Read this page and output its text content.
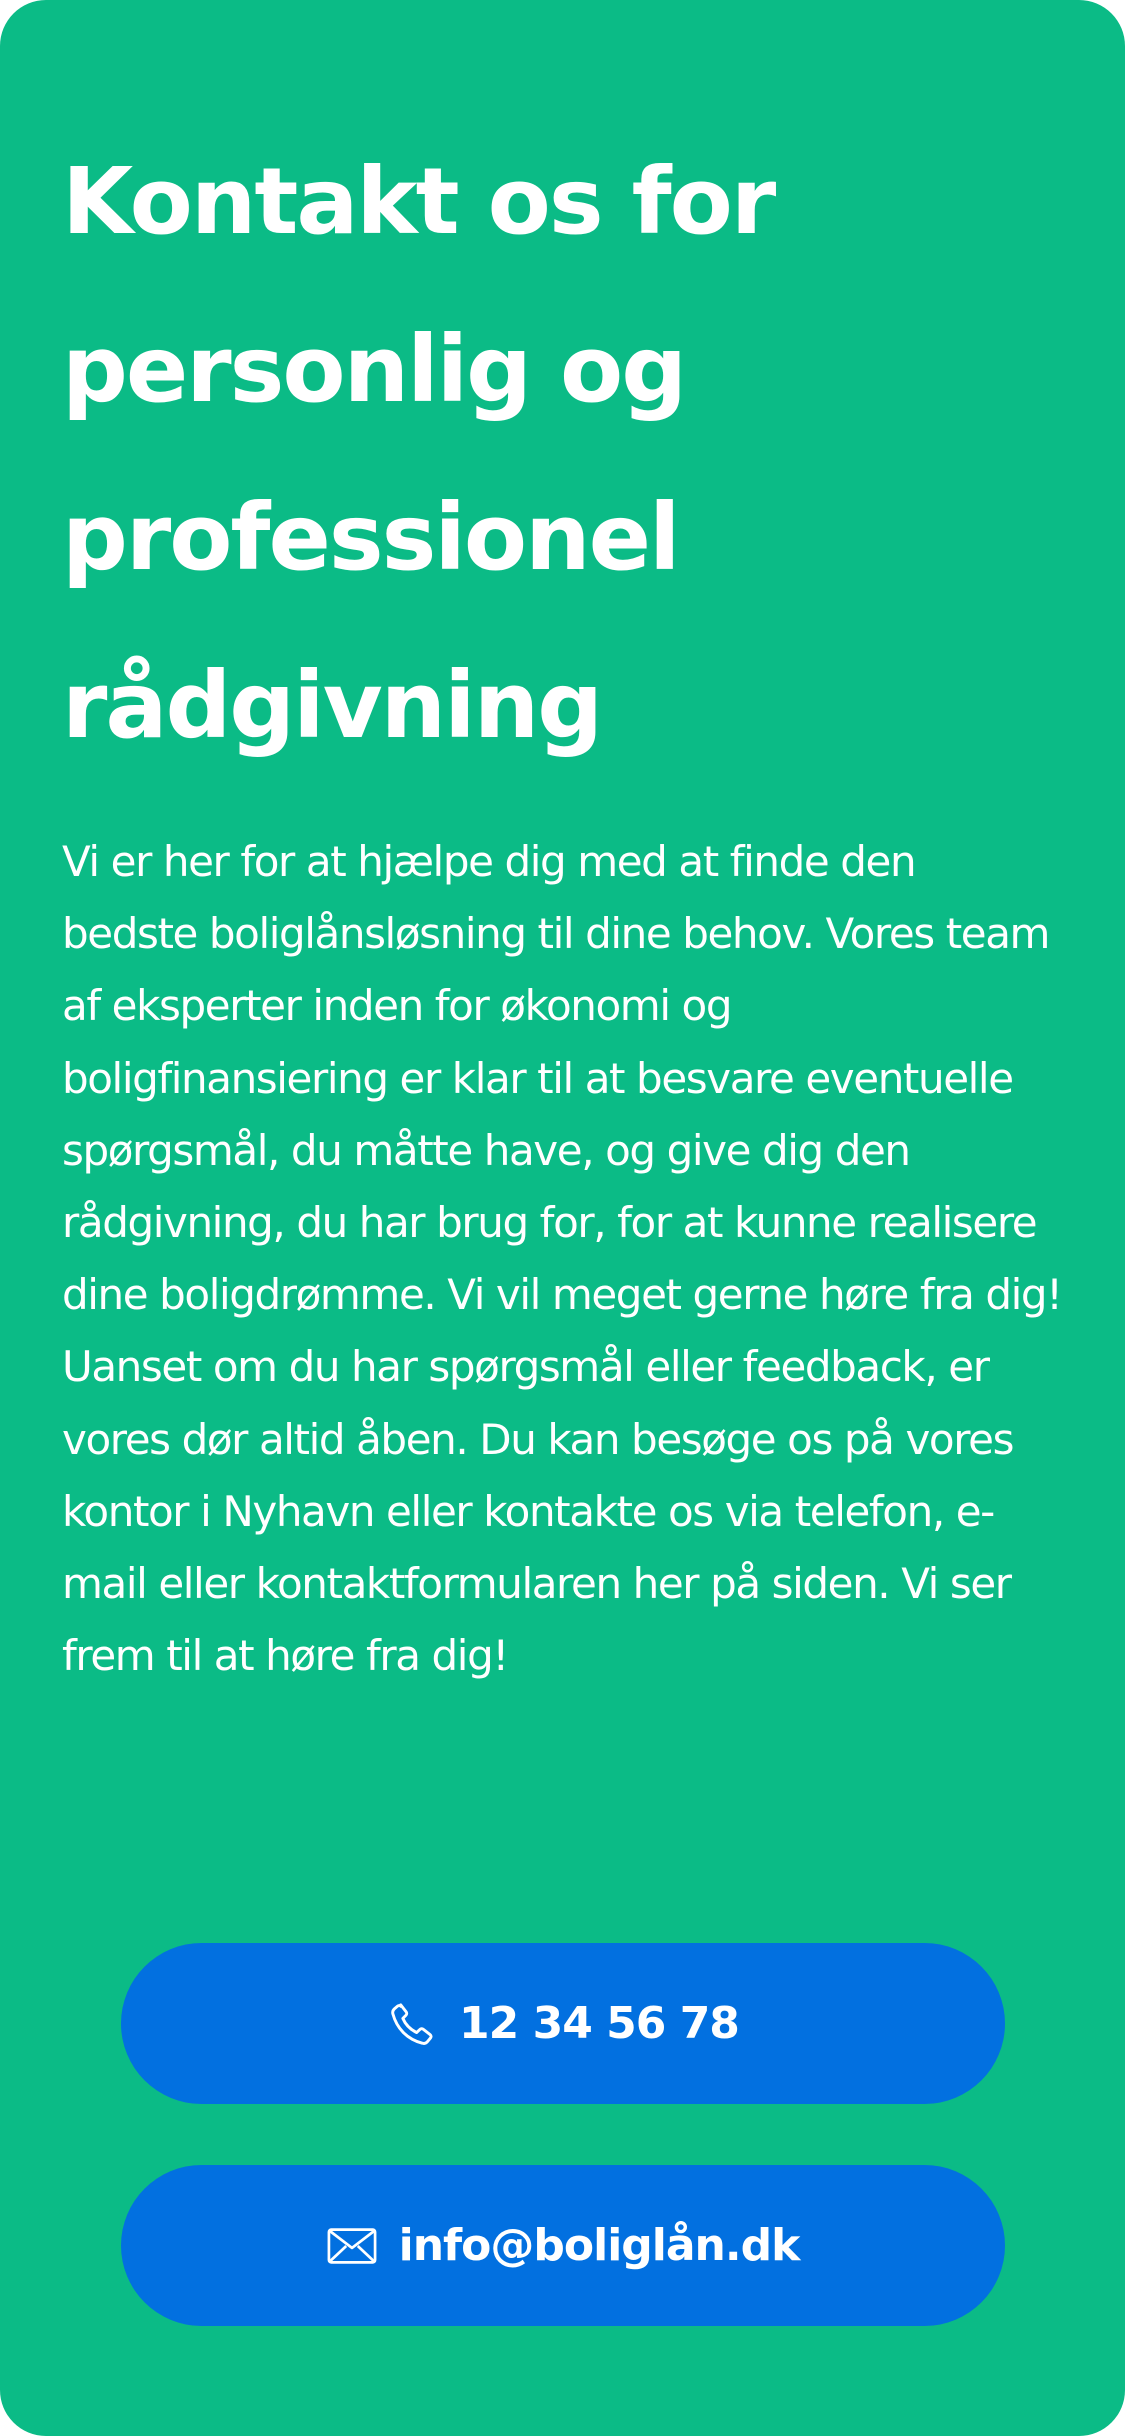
Kontakt os for personlig og professionel rådgivning

Vi er her for at hjælpe dig med at finde den bedste boliglånsløsning til dine behov. Vores team af eksperter inden for økonomi og boligfinansiering er klar til at besvare eventuelle spørgsmål, du måtte have, og give dig den rådgivning, du har brug for, for at kunne realisere dine boligdrømme. Vi vil meget gerne høre fra dig! Uanset om du har spørgsmål eller feedback, er vores dør altid åben. Du kan besøge os på vores kontor i Nyhavn eller kontakte os via telefon, e-mail eller kontaktformularen her på siden. Vi ser frem til at høre fra dig!

12 34 56 78
info@boliglån.dk
